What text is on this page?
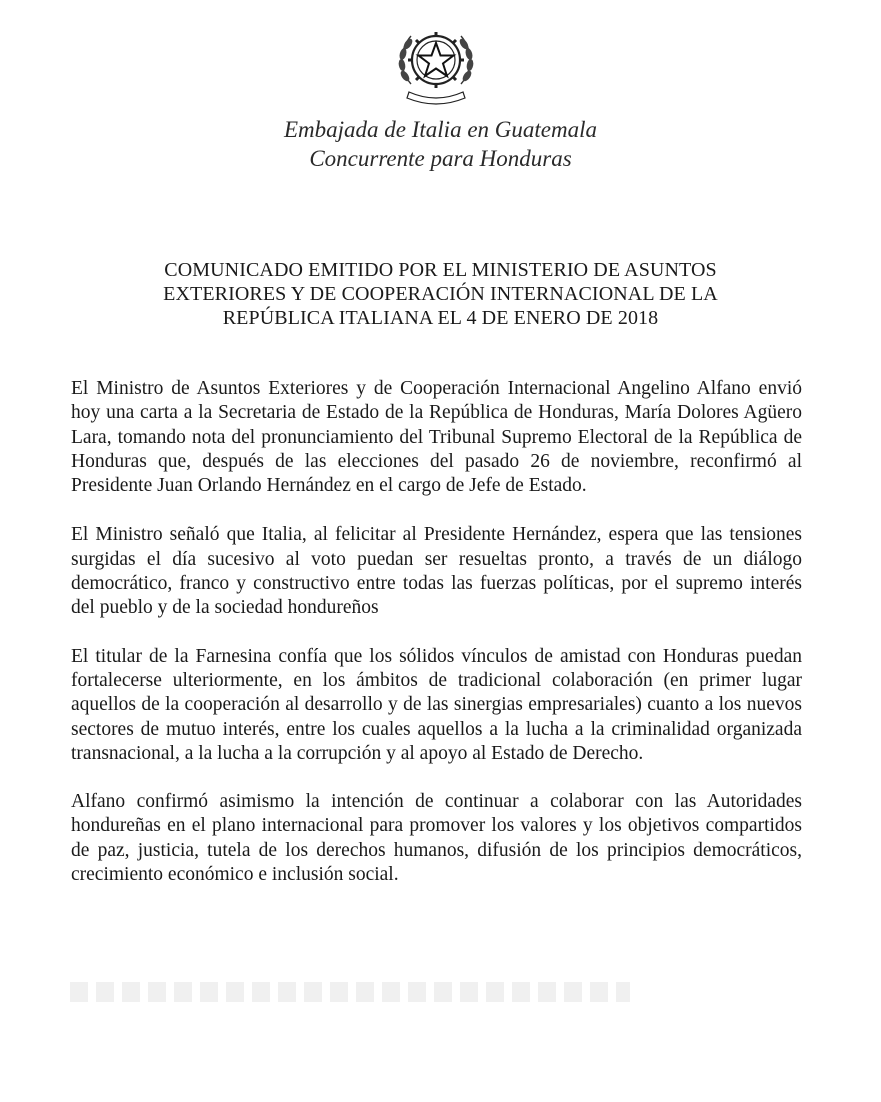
Embajada de Italia en Guatemala
Concurrente para Honduras
COMUNICADO EMITIDO POR EL MINISTERIO DE ASUNTOS
EXTERIORES Y DE COOPERACIÓN INTERNACIONAL DE LA
REPÚBLICA ITALIANA EL 4 DE ENERO DE 2018

El Ministro de Asuntos Exteriores y de Cooperación Internacional Angelino Alfano envió hoy una carta a la Secretaria de Estado de la República de Honduras, María Dolores Agüero Lara, tomando nota del pronunciamiento del Tribunal Supremo Electoral de la República de Honduras que, después de las elecciones del pasado 26 de noviembre, reconfirmó al Presidente Juan Orlando Hernández en el cargo de Jefe de Estado.

El Ministro señaló que Italia, al felicitar al Presidente Hernández, espera que las tensiones surgidas el día sucesivo al voto puedan ser resueltas pronto, a través de un diálogo democrático, franco y constructivo entre todas las fuerzas políticas, por el supremo interés del pueblo y de la sociedad hondureños

El titular de la Farnesina confía que los sólidos vínculos de amistad con Honduras puedan fortalecerse ulteriormente, en los ámbitos de tradicional colaboración (en primer lugar aquellos de la cooperación al desarrollo y de las sinergias empresariales) cuanto a los nuevos sectores de mutuo interés, entre los cuales aquellos a la lucha a la criminalidad organizada transnacional, a la lucha a la corrupción y al apoyo al Estado de Derecho.

Alfano confirmó asimismo la intención de continuar a colaborar con las Autoridades hondureñas en el plano internacional para promover los valores y los objetivos compartidos de paz, justicia, tutela de los derechos humanos, difusión de los principios democráticos, crecimiento económico e inclusión social.
